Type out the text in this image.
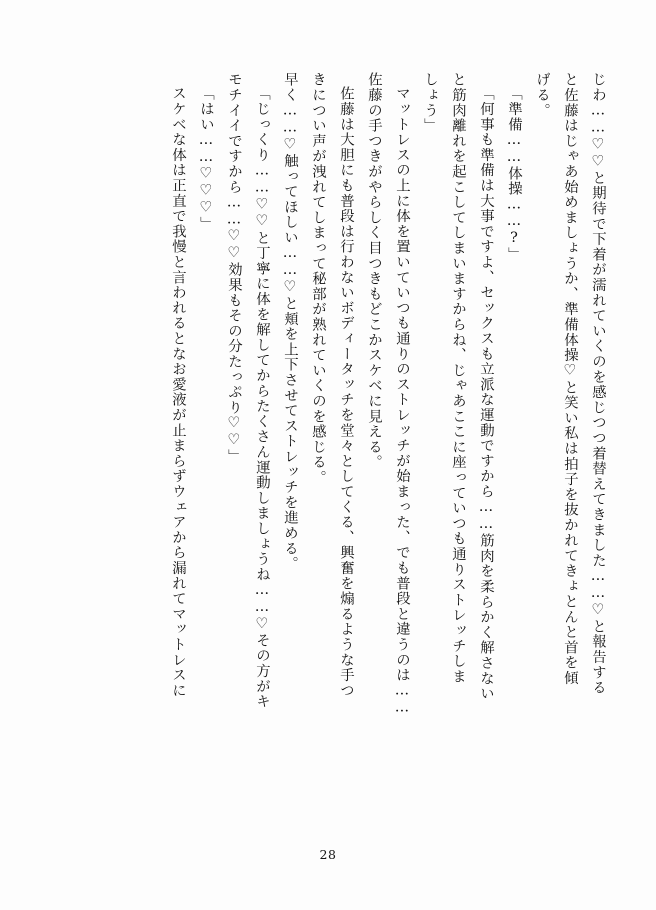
じわ……♡♡と期待で下着が濡れていくのを感じつつ着替えてきました……♡と報告する
と佐藤はじゃあ始めましょうか、準備体操♡と笑い私は拍子を抜かれてきょとんと首を傾
げる。
「準備……体操……?」
「何事も準備は大事ですよ、セックスも立派な運動ですから……筋肉を柔らかく解さない
と筋肉離れを起こしてしまいますからね、じゃあここに座っていつも通りストレッチしま
しょう」
マットレスの上に体を置いていつも通りのストレッチが始まった、でも普段と違うのは……
佐藤の手つきがやらしく目つきもどこかスケベに見える。
佐藤は大胆にも普段は行わないボディータッチを堂々としてくる、興奮を煽るような手つ
きについ声が洩れてしまって秘部が熟れていくのを感じる。
早く……♡触ってほしい……♡と頬を上下させてストレッチを進める。
「じっくり……♡♡と丁寧に体を解してからたくさん運動しましょうね……♡その方がキ
モチイイですから……♡♡効果もその分たっぷり♡♡」
「はい……♡♡♡」
スケベな体は正直で我慢と言われるとなお愛液が止まらずウェアから漏れてマットレスに
28
